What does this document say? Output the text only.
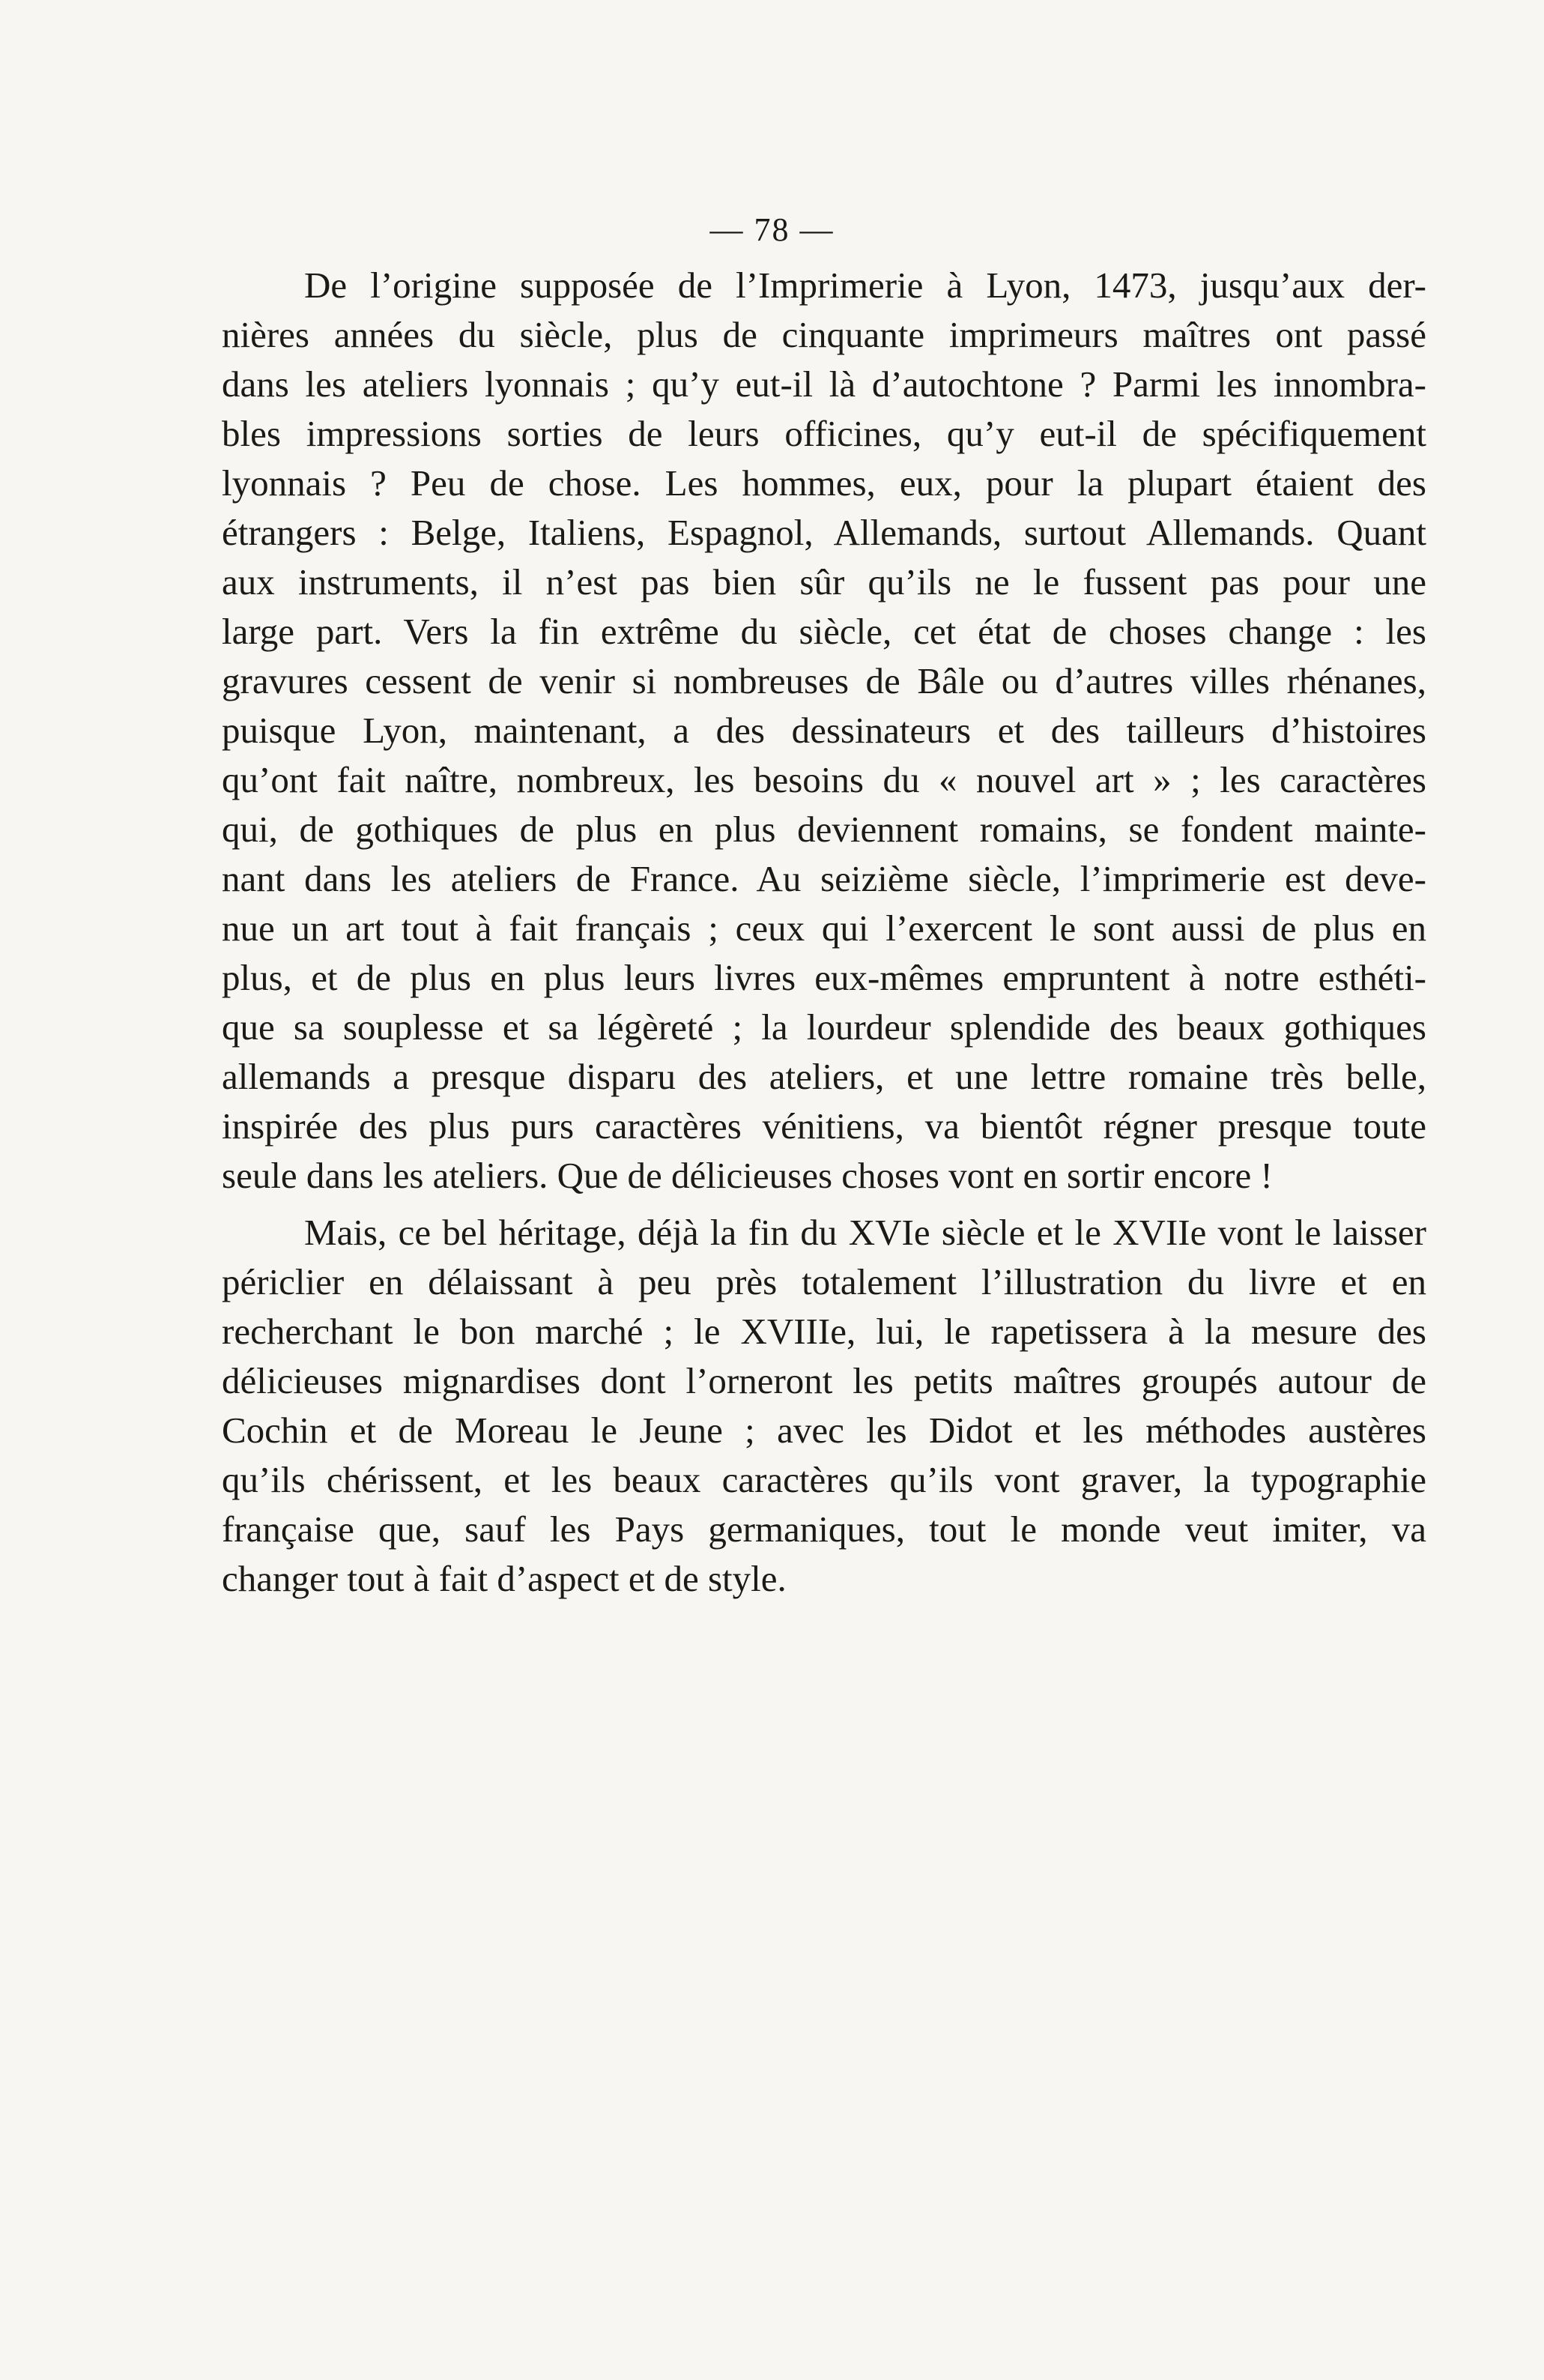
— 78 —
De l’origine supposée de l’Imprimerie à Lyon, 1473, jusqu’aux der-
nières années du siècle, plus de cinquante imprimeurs maîtres ont passé
dans les ateliers lyonnais ; qu’y eut-il là d’autochtone ? Parmi les innombra-
bles impressions sorties de leurs officines, qu’y eut-il de spécifiquement
lyonnais ? Peu de chose. Les hommes, eux, pour la plupart étaient des
étrangers : Belge, Italiens, Espagnol, Allemands, surtout Allemands. Quant
aux instruments, il n’est pas bien sûr qu’ils ne le fussent pas pour une
large part. Vers la fin extrême du siècle, cet état de choses change : les
gravures cessent de venir si nombreuses de Bâle ou d’autres villes rhénanes,
puisque Lyon, maintenant, a des dessinateurs et des tailleurs d’histoires
qu’ont fait naître, nombreux, les besoins du « nouvel art » ; les caractères
qui, de gothiques de plus en plus deviennent romains, se fondent mainte-
nant dans les ateliers de France. Au seizième siècle, l’imprimerie est deve-
nue un art tout à fait français ; ceux qui l’exercent le sont aussi de plus en
plus, et de plus en plus leurs livres eux-mêmes empruntent à notre esthéti-
que sa souplesse et sa légèreté ; la lourdeur splendide des beaux gothiques
allemands a presque disparu des ateliers, et une lettre romaine très belle,
inspirée des plus purs caractères vénitiens, va bientôt régner presque toute
seule dans les ateliers. Que de délicieuses choses vont en sortir encore !
Mais, ce bel héritage, déjà la fin du XVIe siècle et le XVIIe vont le laisser
périclier en délaissant à peu près totalement l’illustration du livre et en
recherchant le bon marché ; le XVIIIe, lui, le rapetissera à la mesure des
délicieuses mignardises dont l’orneront les petits maîtres groupés autour de
Cochin et de Moreau le Jeune ; avec les Didot et les méthodes austères
qu’ils chérissent, et les beaux caractères qu’ils vont graver, la typographie
française que, sauf les Pays germaniques, tout le monde veut imiter, va
changer tout à fait d’aspect et de style.
